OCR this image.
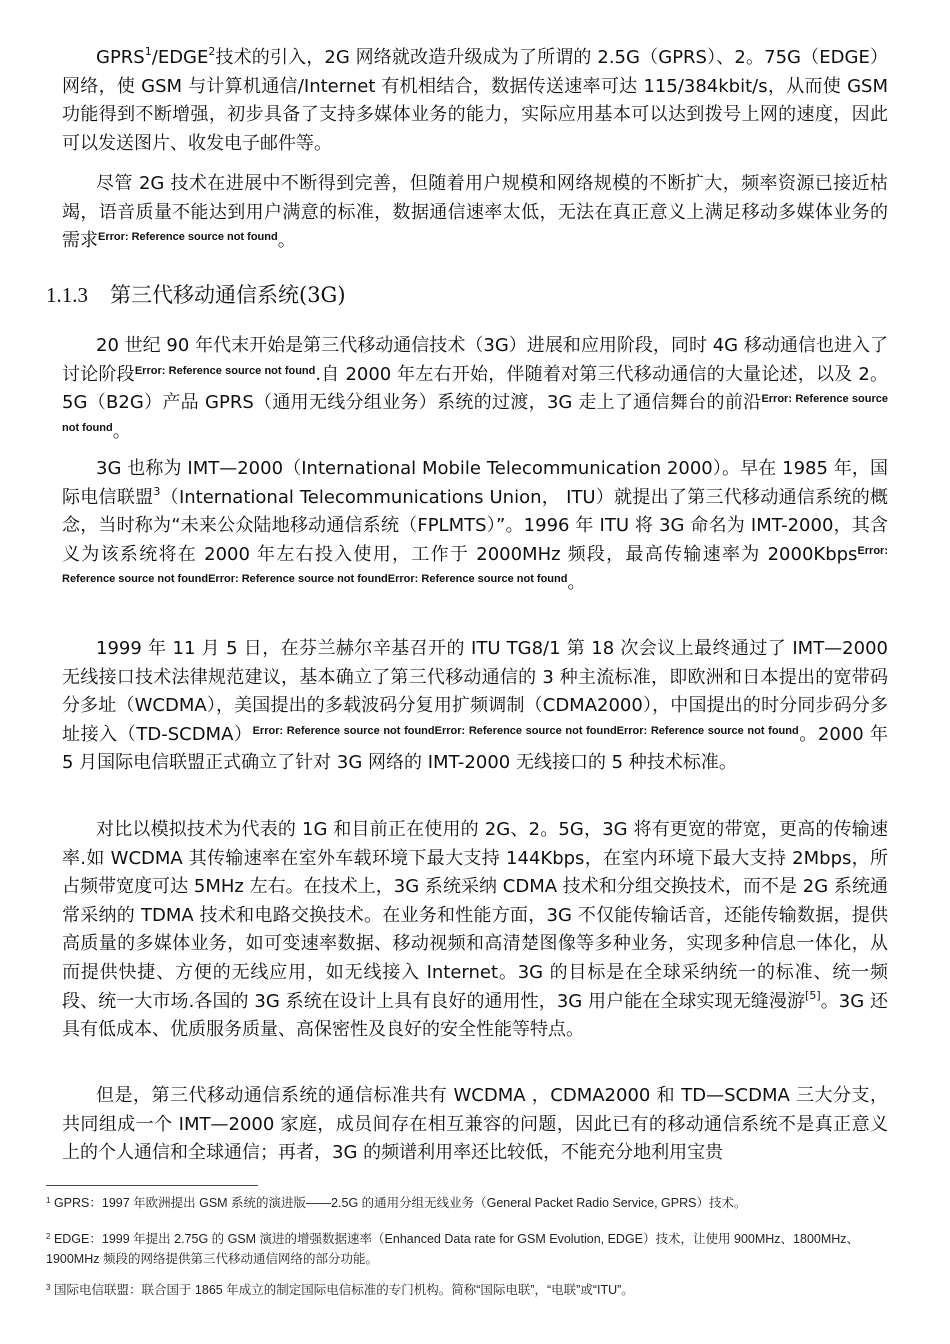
GPRS$^1$/EDGE$^2$技术的引入，2G 网络就改造升级成为了所谓的 2.5G（GPRS）、2。75G（EDGE）网络，使 GSM 与计算机通信/Internet 有机相结合，数据传送速率可达 115/384kbit/s，从而使 GSM 功能得到不断增强，初步具备了支持多媒体业务的能力，实际应用基本可以达到拨号上网的速度，因此可以发送图片、收发电子邮件等。

尽管 2G 技术在进展中不断得到完善，但随着用户规模和网络规模的不断扩大，频率资源已接近枯竭，语音质量不能达到用户满意的标准，数据通信速率太低，无法在真正意义上满足移动多媒体业务的需求$^{Error: Reference source not found}$。

1.1.3 第三代移动通信系统(3G)

20 世纪 90 年代末开始是第三代移动通信技术（3G）进展和应用阶段，同时 4G 移动通信也进入了讨论阶段$^{Error: Reference source not found}$.自 2000 年左右开始，伴随着对第三代移动通信的大量论述，以及 2。5G（B2G）产品 GPRS（通用无线分组业务）系统的过渡，3G 走上了通信舞台的前沿$^{Error: Reference source not found}$。

3G 也称为 IMT—2000（International Mobile Telecommunication 2000）。早在 1985 年，国际电信联盟$^3$（International Telecommunications Union， ITU）就提出了第三代移动通信系统的概念，当时称为“未来公众陆地移动通信系统（FPLMTS）”。1996 年 ITU 将 3G 命名为 IMT-2000，其含义为该系统将在 2000 年左右投入使用，工作于 2000MHz 频段，最高传输速率为 2000Kbps$^{Error: Reference source not foundError: Reference source not foundError: Reference source not found}$。

1999 年 11 月 5 日，在芬兰赫尔辛基召开的 ITU TG8/1 第 18 次会议上最终通过了 IMT—2000 无线接口技术法律规范建议，基本确立了第三代移动通信的 3 种主流标准，即欧洲和日本提出的宽带码分多址（WCDMA），美国提出的多载波码分复用扩频调制（CDMA2000），中国提出的时分同步码分多址接入（TD-SCDMA）$^{Error: Reference source not foundError: Reference source not foundError: Reference source not found}$。2000 年 5 月国际电信联盟正式确立了针对 3G 网络的 IMT-2000 无线接口的 5 种技术标准。

对比以模拟技术为代表的 1G 和目前正在使用的 2G、2。5G，3G 将有更宽的带宽，更高的传输速率.如 WCDMA 其传输速率在室外车载环境下最大支持 144Kbps，在室内环境下最大支持 2Mbps，所占频带宽度可达 5MHz 左右。在技术上，3G 系统采纳 CDMA 技术和分组交换技术，而不是 2G 系统通常采纳的 TDMA 技术和电路交换技术。在业务和性能方面，3G 不仅能传输话音，还能传输数据，提供高质量的多媒体业务，如可变速率数据、移动视频和高清楚图像等多种业务，实现多种信息一体化，从而提供快捷、方便的无线应用，如无线接入 Internet。3G 的目标是在全球采纳统一的标准、统一频段、统一大市场.各国的 3G 系统在设计上具有良好的通用性，3G 用户能在全球实现无缝漫游[5]。3G 还具有低成本、优质服务质量、高保密性及良好的安全性能等特点。

但是，第三代移动通信系统的通信标准共有 WCDMA ，CDMA2000 和 TD—SCDMA 三大分支，共同组成一个 IMT—2000 家庭，成员间存在相互兼容的问题，因此已有的移动通信系统不是真正意义上的个人通信和全球通信；再者，3G 的频谱利用率还比较低，不能充分地利用宝贵

$^1$ GPRS：1997 年欧洲提出 GSM 系统的演进版——2.5G 的通用分组无线业务（General Packet Radio Service, GPRS）技术。

$^2$ EDGE：1999 年提出 2.75G 的 GSM 演进的增强数据速率（Enhanced Data rate for GSM Evolution, EDGE）技术，让使用 900MHz、1800MHz、1900MHz 频段的网络提供第三代移动通信网络的部分功能。

$^3$ 国际电信联盟：联合国于 1865 年成立的制定国际电信标准的专门机构。简称“国际电联”，“电联”或“ITU”。
